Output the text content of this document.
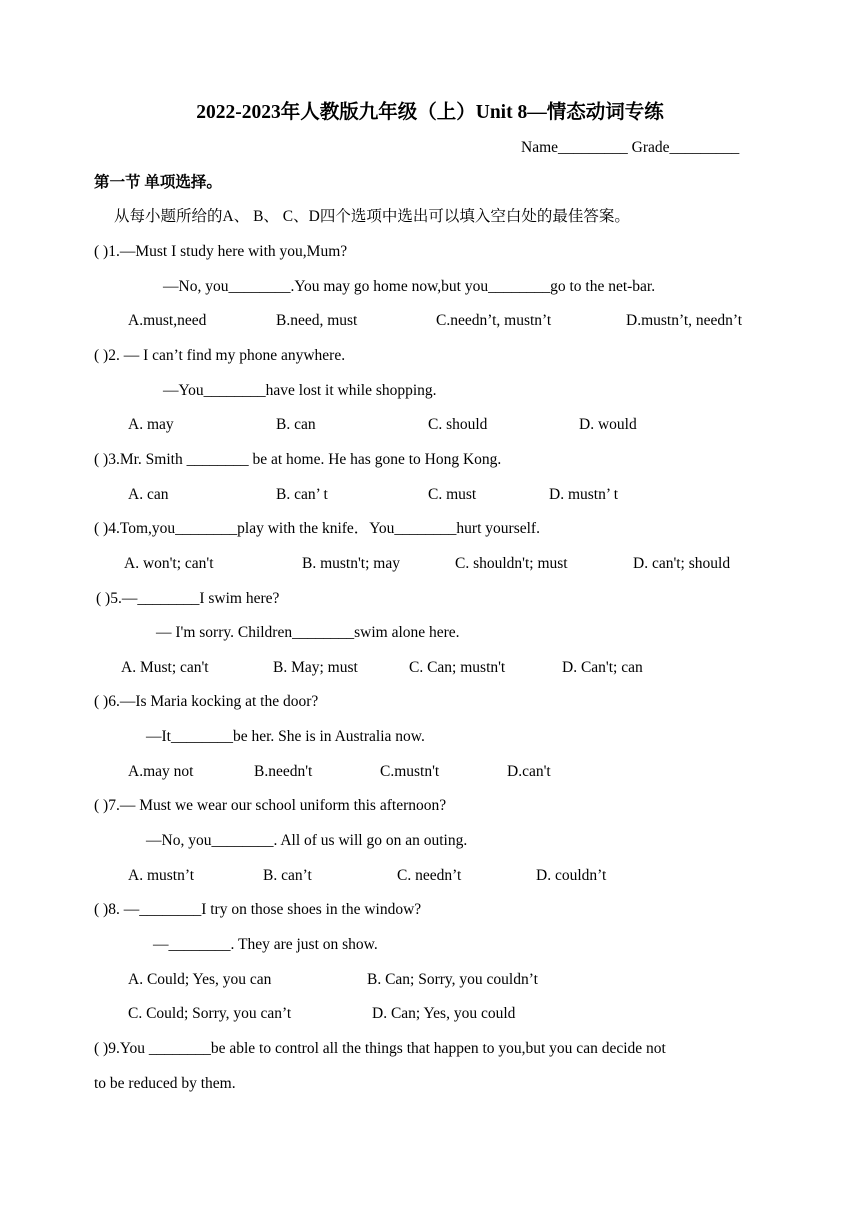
2022-2023年人教版九年级（上）Unit 8—情态动词专练
Name_________ Grade_________
第一节 单项选择。
从每小题所给的A、 B、 C、D四个选项中选出可以填入空白处的最佳答案。
( )1.—Must I study here with you,Mum?
—No, you________.You may go home now,but you________go to the net-bar.
A.must,need	B.need, must	C.needn’t, mustn’t	D.mustn’t, needn’t
( )2. — I can’t find my phone anywhere.
—You________have lost it while shopping.
A. may	B. can	C. should	D. would
( )3.Mr. Smith ________ be at home. He has gone to Hong Kong.
A. can	B. can’ t	C. must	D. mustn’ t
( )4.Tom,you________play with the knife．You________hurt yourself.
A. won't; can't	B. mustn't; may	C. shouldn't; must	D. can't; should
( )5.—________I swim here?
— I'm sorry. Children________swim alone here.
A. Must; can't	B. May; must	C. Can; mustn't	D. Can't; can
( )6.—Is Maria kocking at the door?
—It________be her. She is in Australia now.
A.may not	B.needn't	C.mustn't	D.can't
( )7.— Must we wear our school uniform this afternoon?
—No, you________. All of us will go on an outing.
A. mustn’t	B. can’t	C. needn’t	D. couldn’t
( )8. —________I try on those shoes in the window?
—________. They are just on show.
A. Could; Yes, you can	B. Can; Sorry, you couldn’t
C. Could; Sorry, you can’t	D. Can; Yes, you could
( )9.You ________be able to control all the things that happen to you,but you can decide not
to be reduced by them.
